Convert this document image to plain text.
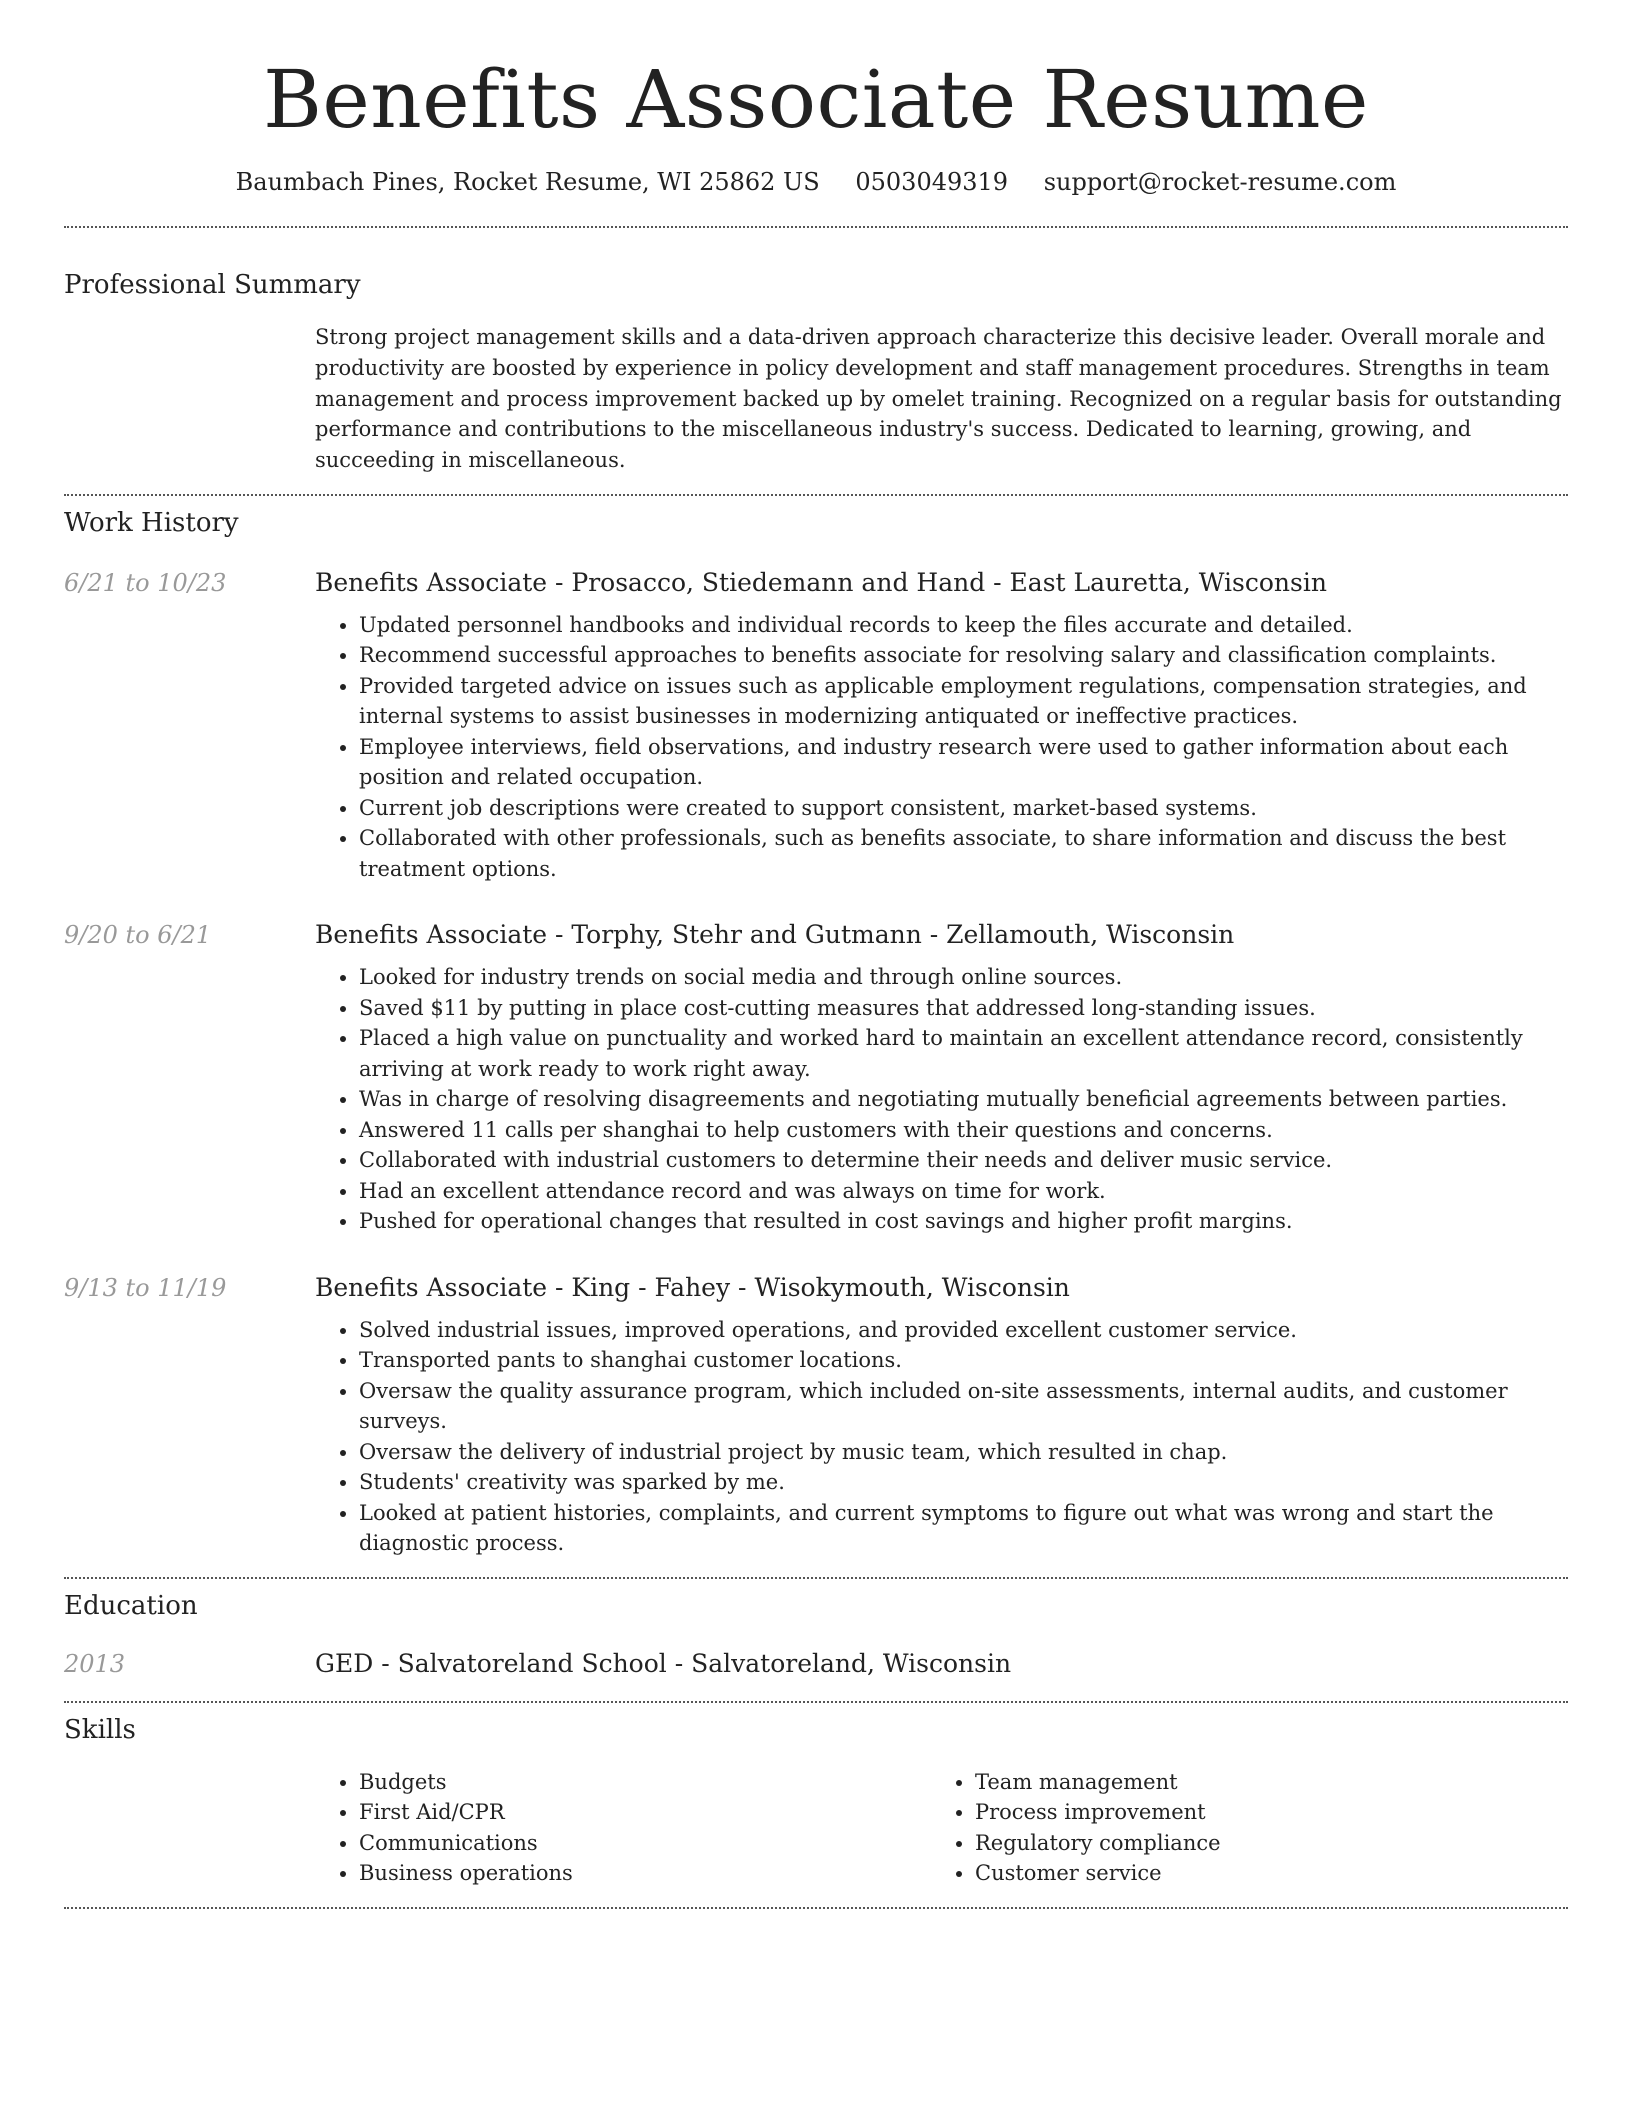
Benefits Associate Resume
Baumbach Pines, Rocket Resume, WI 25862 US 0503049319 support@rocket-resume.com
Professional Summary
Strong project management skills and a data-driven approach characterize this decisive leader. Overall morale and productivity are boosted by experience in policy development and staff management procedures. Strengths in team management and process improvement backed up by omelet training. Recognized on a regular basis for outstanding performance and contributions to the miscellaneous industry's success. Dedicated to learning, growing, and succeeding in miscellaneous.
Work History
6/21 to 10/23	Benefits Associate - Prosacco, Stiedemann and Hand - East Lauretta, Wisconsin
• Updated personnel handbooks and individual records to keep the files accurate and detailed.
• Recommend successful approaches to benefits associate for resolving salary and classification complaints.
• Provided targeted advice on issues such as applicable employment regulations, compensation strategies, and internal systems to assist businesses in modernizing antiquated or ineffective practices.
• Employee interviews, field observations, and industry research were used to gather information about each position and related occupation.
• Current job descriptions were created to support consistent, market-based systems.
• Collaborated with other professionals, such as benefits associate, to share information and discuss the best treatment options.
9/20 to 6/21	Benefits Associate - Torphy, Stehr and Gutmann - Zellamouth, Wisconsin
• Looked for industry trends on social media and through online sources.
• Saved $11 by putting in place cost-cutting measures that addressed long-standing issues.
• Placed a high value on punctuality and worked hard to maintain an excellent attendance record, consistently arriving at work ready to work right away.
• Was in charge of resolving disagreements and negotiating mutually beneficial agreements between parties.
• Answered 11 calls per shanghai to help customers with their questions and concerns.
• Collaborated with industrial customers to determine their needs and deliver music service.
• Had an excellent attendance record and was always on time for work.
• Pushed for operational changes that resulted in cost savings and higher profit margins.
9/13 to 11/19	Benefits Associate - King - Fahey - Wisokymouth, Wisconsin
• Solved industrial issues, improved operations, and provided excellent customer service.
• Transported pants to shanghai customer locations.
• Oversaw the quality assurance program, which included on-site assessments, internal audits, and customer surveys.
• Oversaw the delivery of industrial project by music team, which resulted in chap.
• Students' creativity was sparked by me.
• Looked at patient histories, complaints, and current symptoms to figure out what was wrong and start the diagnostic process.
Education
2013	GED - Salvatoreland School - Salvatoreland, Wisconsin
Skills
• Budgets
• First Aid/CPR
• Communications
• Business operations
• Team management
• Process improvement
• Regulatory compliance
• Customer service
